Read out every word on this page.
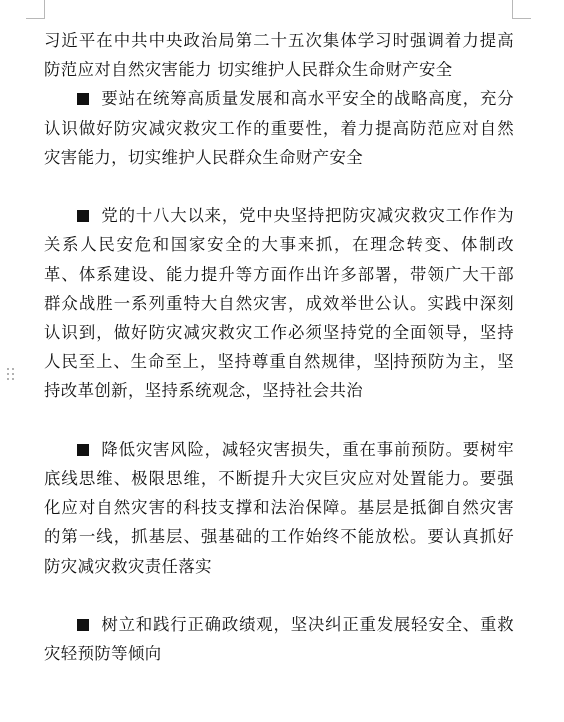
习近平在中共中央政治局第二十五次集体学习时强调着力提高防范应对自然灾害能力 切实维护人民群众生命财产安全

要站在统筹高质量发展和高水平安全的战略高度，充分认识做好防灾减灾救灾工作的重要性，着力提高防范应对自然灾害能力，切实维护人民群众生命财产安全

党的十八大以来，党中央坚持把防灾减灾救灾工作作为关系人民安危和国家安全的大事来抓，在理念转变、体制改革、体系建设、能力提升等方面作出许多部署，带领广大干部群众战胜一系列重特大自然灾害，成效举世公认。实践中深刻认识到，做好防灾减灾救灾工作必须坚持党的全面领导，坚持人民至上、生命至上，坚持尊重自然规律，坚 持预防为主，坚持改革创新，坚持系统观念，坚持社会共治

降低灾害风险，减轻灾害损失，重在事前预防。要树牢底线思维、极限思维，不断提升大灾巨灾应对处置能力。要强化应对自然灾害的科技支撑和法治保障。基层是抵御自然灾害的第一线，抓基层、强基础的工作始终不能放松。要认真抓好防灾减灾救灾责任落实

树立和践行正确政绩观，坚决纠正重发展轻安全、重救灾轻预防等倾向
